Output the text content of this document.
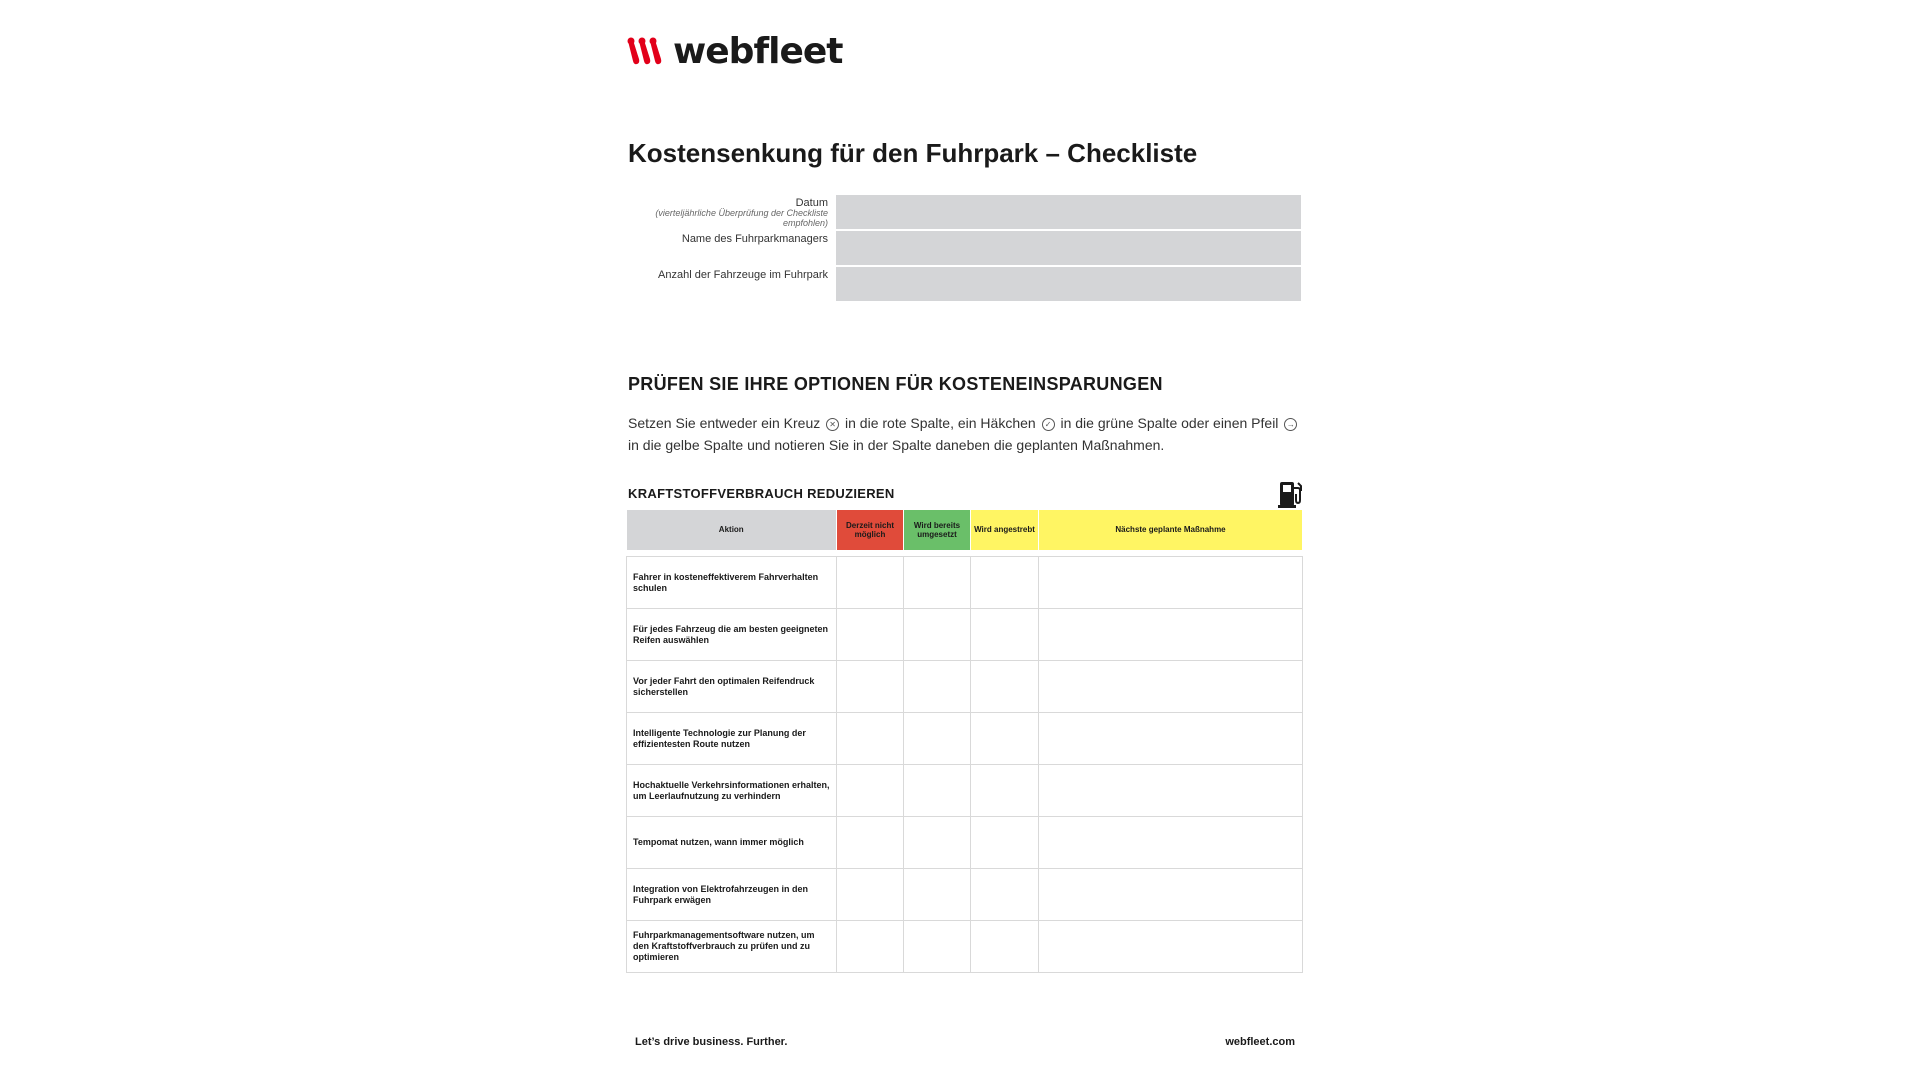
webfleet
Kostensenkung für den Fuhrpark – Checkliste
Datum
(vierteljährliche Überprüfung der Checkliste empfohlen)
Name des Fuhrparkmanagers
Anzahl der Fahrzeuge im Fuhrpark
PRÜFEN SIE IHRE OPTIONEN FÜR KOSTENEINSPARUNGEN

Setzen Sie entweder ein Kreuz ✕ in die rote Spalte, ein Häkchen ✓ in die grüne Spalte oder einen Pfeil → in die gelbe Spalte und notieren Sie in der Spalte daneben die geplanten Maßnahmen.

KRAFTSTOFFVERBRAUCH REDUZIEREN
Aktion	Derzeit nicht möglich	Wird bereits umgesetzt	Wird angestrebt	Nächste geplante Maßnahme

Fahrer in kosteneffektiverem Fahrverhalten schulen				
Für jedes Fahrzeug die am besten geeigneten Reifen auswählen				
Vor jeder Fahrt den optimalen Reifendruck sicherstellen				
Intelligente Technologie zur Planung der effizientesten Route nutzen				
Hochaktuelle Verkehrsinformationen erhalten, um Leerlaufnutzung zu verhindern				
Tempomat nutzen, wann immer möglich				
Integration von Elektrofahrzeugen in den Fuhrpark erwägen				
Fuhrparkmanagementsoftware nutzen, um den Kraftstoffverbrauch zu prüfen und zu optimieren				
Let’s drive business. Further.	webfleet.com
